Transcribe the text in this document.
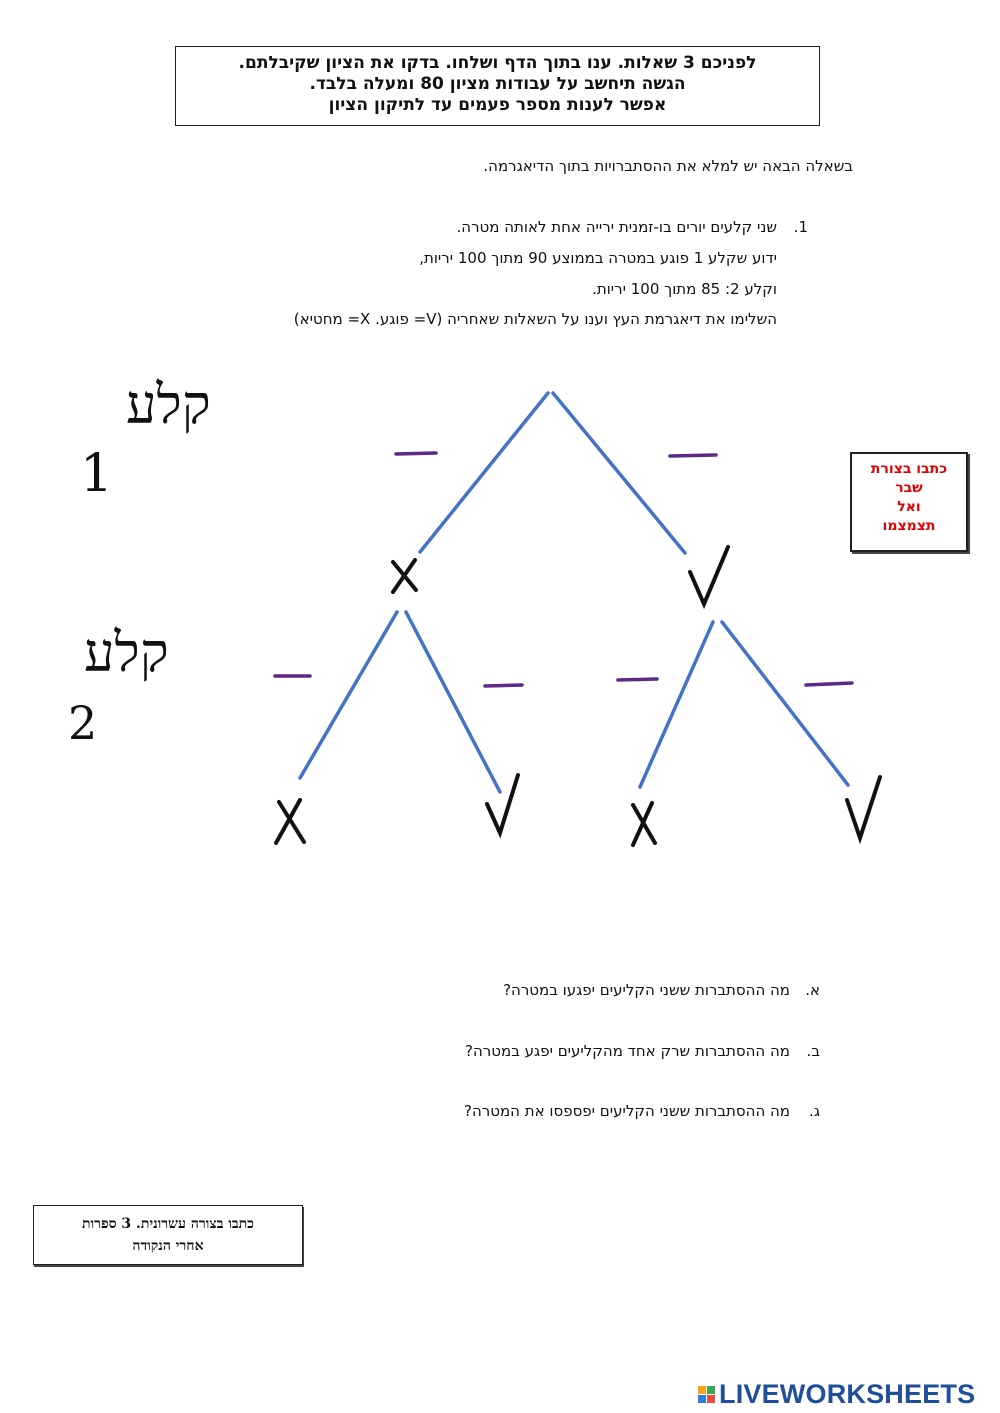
לפניכם 3 שאלות. ענו בתוך הדף ושלחו. בדקו את הציון שקיבלתם.
הגשה תיחשב על עבודות מציון 80 ומעלה בלבד.
אפשר לענות מספר פעמים עד לתיקון הציון
בשאלה הבאה יש למלא את ההסתברויות בתוך הדיאגרמה.
1.
שני קלעים יורים בו-זמנית ירייה אחת לאותה מטרה.
ידוע שקלע 1 פוגע במטרה בממוצע 90 מתוך 100 יריות,
וקלע 2: 85 מתוך 100 יריות.
השלימו את דיאגרמת העץ וענו על השאלות שאחריה (V= פוגע. X= מחטיא)
קלע
1
קלע
2
כתבו בצורת
שבר
ואל
תצמצמו
א.
מה ההסתברות ששני הקליעים יפגעו במטרה?
ב.
מה ההסתברות שרק אחד מהקליעים יפגע במטרה?
ג.
מה ההסתברות ששני הקליעים יפספסו את המטרה?
כתבו בצורה עשרונית. 3 ספרות
אחרי הנקודה
LIVEWORKSHEETS
